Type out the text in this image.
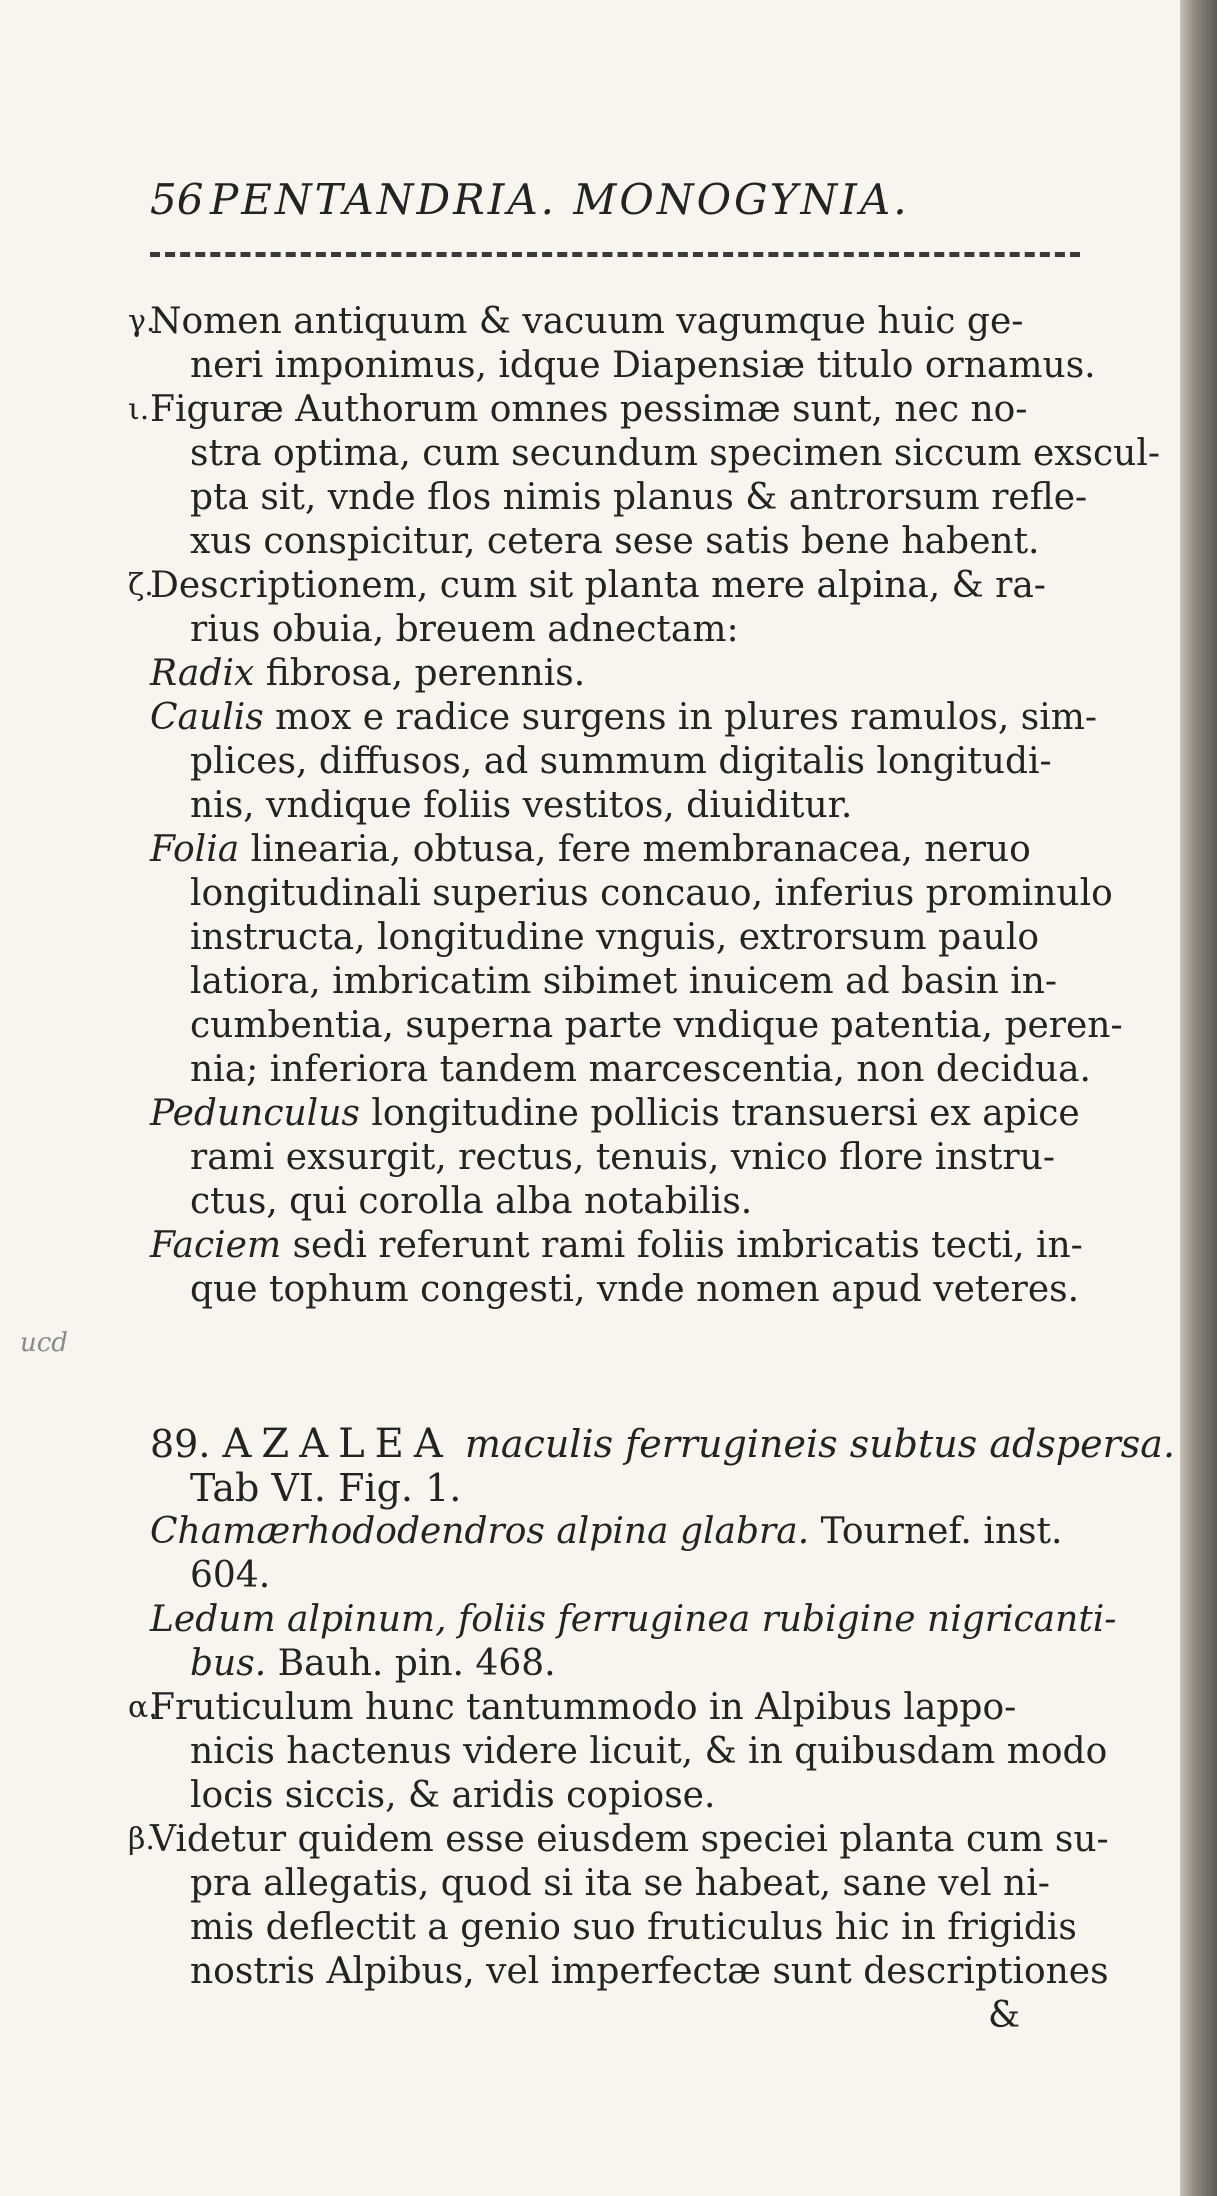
56 PENTANDRIA. MONOGYNIA.
ucd
γ.
Nomen antiquum & vacuum vagumque huic ge-
neri imponimus, idque Diapensiæ titulo ornamus.
ι. Figuræ Authorum omnes pessimæ sunt, nec no-
stra optima, cum secundum specimen siccum exscul-
pta sit, vnde flos nimis planus & antrorsum refle-
xus conspicitur, cetera sese satis bene habent.
ζ.
Descriptionem, cum sit planta mere alpina, & ra-
rius obuia, breuem adnectam:
Radix fibrosa, perennis.
Caulis mox e radice surgens in plures ramulos, sim-
plices, diffusos, ad summum digitalis longitudi-
nis, vndique foliis vestitos, diuiditur.
Folia linearia, obtusa, fere membranacea, neruo
longitudinali superius concauo, inferius prominulo
instructa, longitudine vnguis, extrorsum paulo
latiora, imbricatim sibimet inuicem ad basin in-
cumbentia, superna parte vndique patentia, peren-
nia; inferiora tandem marcescentia, non decidua.
Pedunculus longitudine pollicis transuersi ex apice
rami exsurgit, rectus, tenuis, vnico flore instru-
ctus, qui corolla alba notabilis.
Faciem sedi referunt rami foliis imbricatis tecti, in-
que tophum congesti, vnde nomen apud veteres.
89. AZALEA maculis ferrugineis subtus adspersa.
Tab VI. Fig. 1.
Chamærhododendros alpina glabra. Tournef. inst.
604.
Ledum alpinum, foliis ferruginea rubigine nigricanti-
bus. Bauh. pin. 468.
α.
Fruticulum hunc tantummodo in Alpibus lappo-
nicis hactenus videre licuit, & in quibusdam modo
locis siccis, & aridis copiose.
β.
Videtur quidem esse eiusdem speciei planta cum su-
pra allegatis, quod si ita se habeat, sane vel ni-
mis deflectit a genio suo fruticulus hic in frigidis
nostris Alpibus, vel imperfectæ sunt descriptiones
&
